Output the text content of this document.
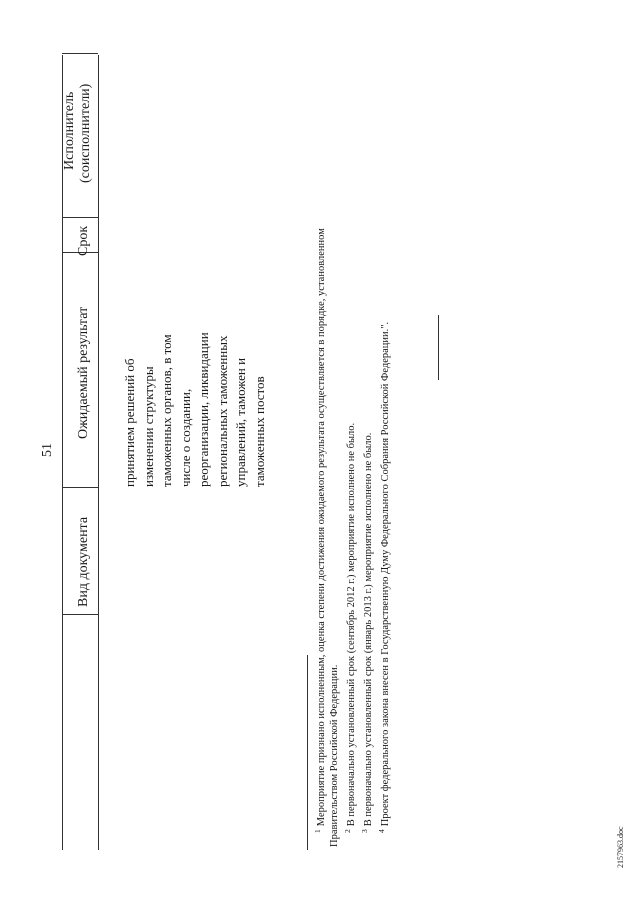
51
Вид документа
Ожидаемый результат
Срок
Исполнитель (соисполнители)
принятием решений об изменении структуры таможенных органов, в том числе о создании, реорганизации, ликвидации региональных таможенных управлений, таможен и таможенных постов
$^1$Мероприятие признано исполненным, оценка степени достижения ожидаемого результата осуществляется в порядке, установленном Правительством Российской Федерации. $^2$В первоначально установленный срок (сентябрь 2012 г.) мероприятие исполнено не было.
$^3$В первоначально установленный срок (январь 2013 г.) мероприятие исполнено не было.
$^4$Проект федерального закона внесен в Государственную Думу Федерального Собрания Российской Федерации.".
2157963.doc
